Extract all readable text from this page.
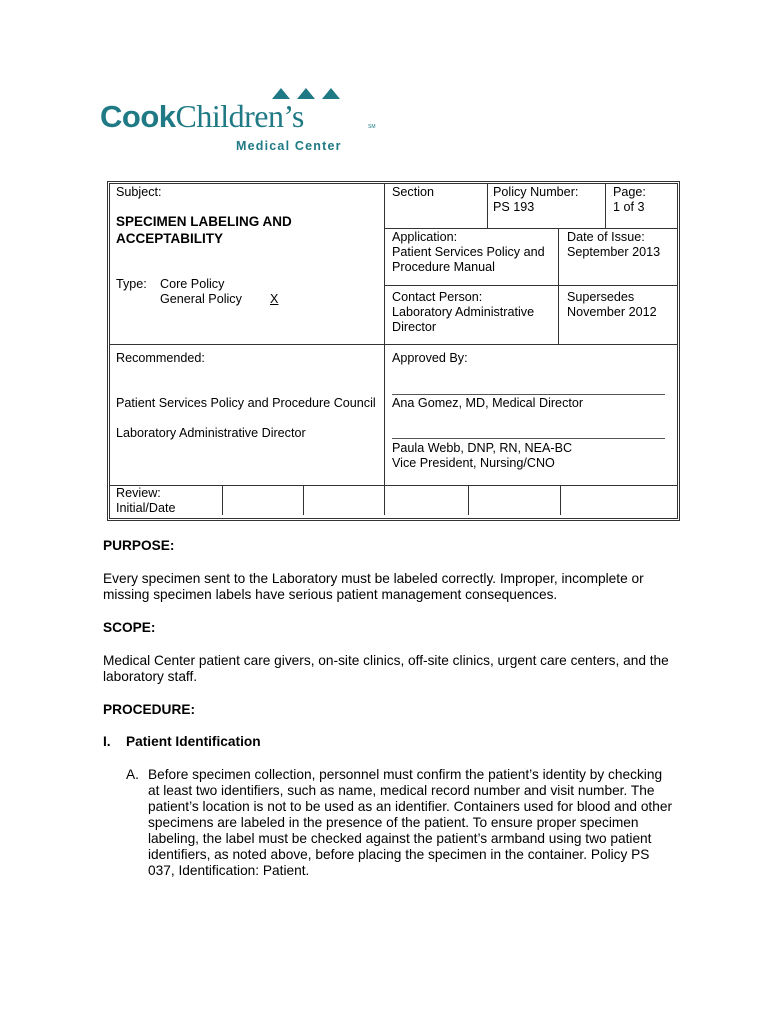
CookChildren’s	SM
Medical Center
Subject:
SPECIMEN LABELING AND
ACCEPTABILITY
Type: Core Policy
General Policy X
Section	Policy Number:
PS 193
Page:
1 of 3
Application:
Patient Services Policy and
Procedure Manual
Date of Issue:
September 2013
Contact Person:
Laboratory Administrative
Director
Supersedes
November 2012
Recommended:
Patient Services Policy and Procedure Council
Laboratory Administrative Director
Approved By:
Ana Gomez, MD, Medical Director
Paula Webb, DNP, RN, NEA-BC
Vice President, Nursing/CNO
Review:
Initial/Date
PURPOSE:
Every specimen sent to the Laboratory must be labeled correctly. Improper, incomplete or
missing specimen labels have serious patient management consequences.
SCOPE:
Medical Center patient care givers, on-site clinics, off-site clinics, urgent care centers, and the
laboratory staff.
PROCEDURE:
I. Patient Identification
A. Before specimen collection, personnel must confirm the patient’s identity by checking
at least two identifiers, such as name, medical record number and visit number. The
patient’s location is not to be used as an identifier. Containers used for blood and other
specimens are labeled in the presence of the patient. To ensure proper specimen
labeling, the label must be checked against the patient’s armband using two patient
identifiers, as noted above, before placing the specimen in the container. Policy PS
037, Identification: Patient.
